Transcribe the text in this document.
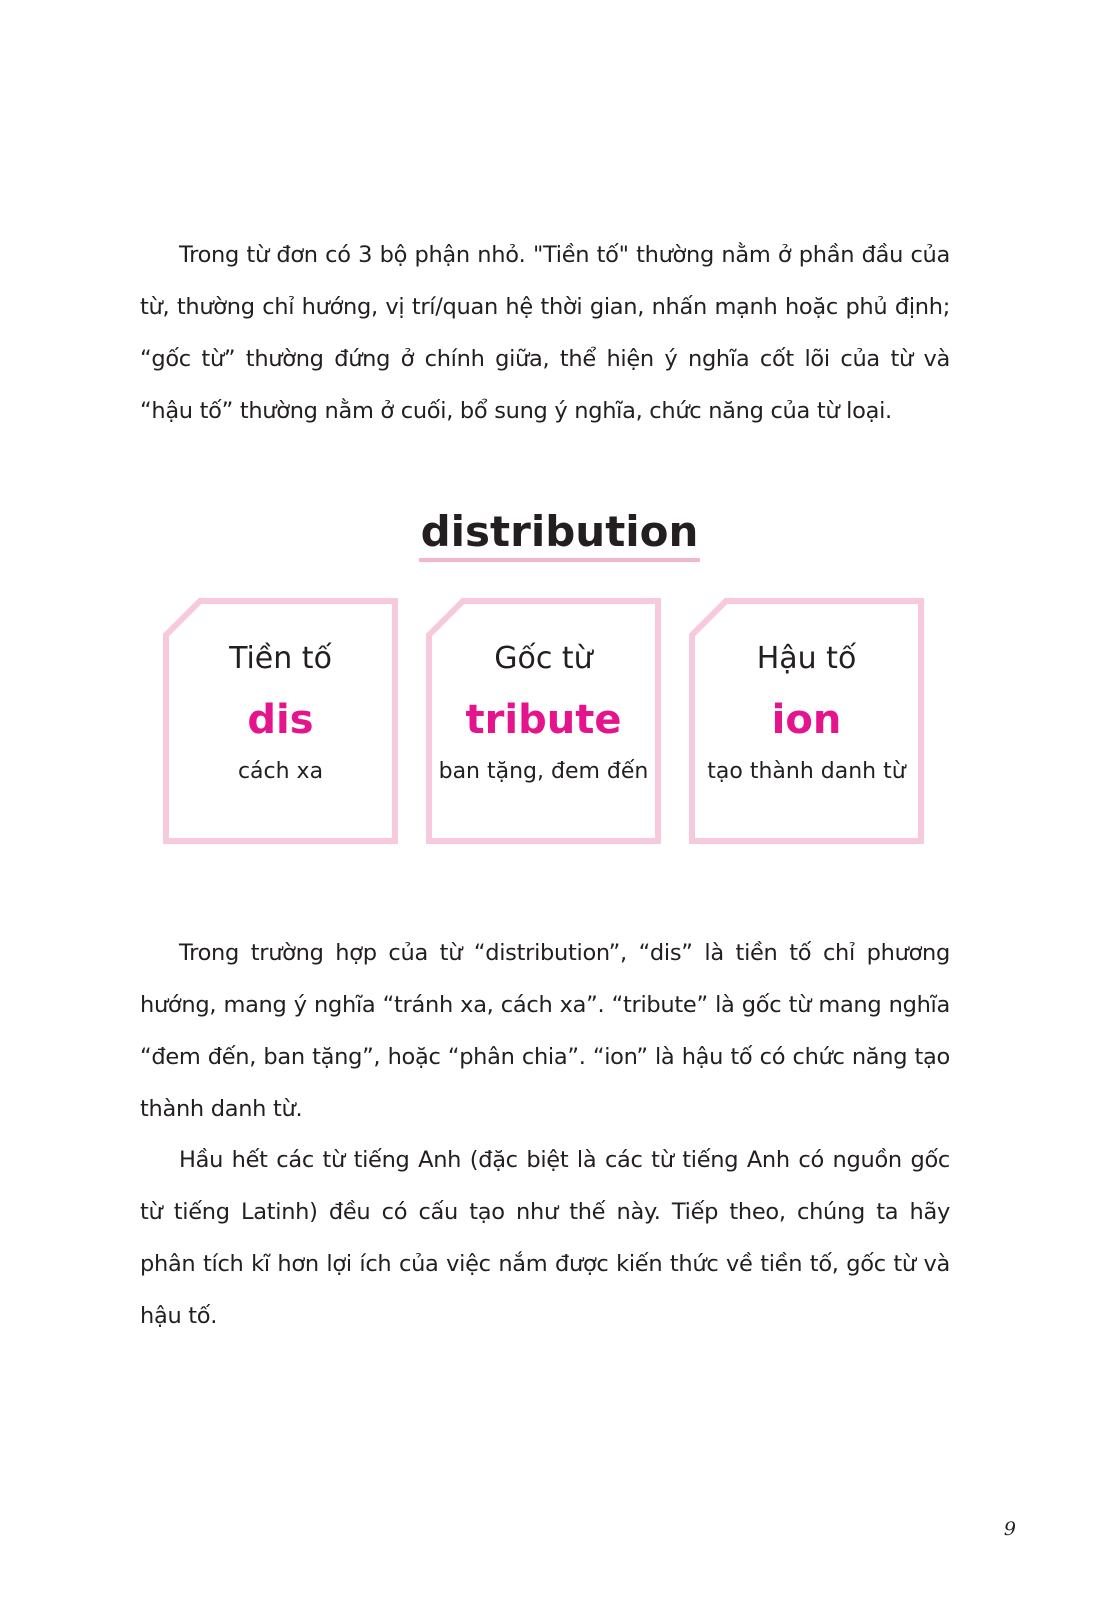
Trong từ đơn có 3 bộ phận nhỏ. "Tiền tố" thường nằm ở phần đầu của từ, thường chỉ hướng, vị trí/quan hệ thời gian, nhấn mạnh hoặc phủ định; “gốc từ” thường đứng ở chính giữa, thể hiện ý nghĩa cốt lõi của từ và “hậu tố” thường nằm ở cuối, bổ sung ý nghĩa, chức năng của từ loại.

distribution
Tiền tố
dis
cách xa
Gốc từ
tribute
ban tặng, đem đến
Hậu tố
ion
tạo thành danh từ

Trong trường hợp của từ “distribution”, “dis” là tiền tố chỉ phương hướng, mang ý nghĩa “tránh xa, cách xa”. “tribute” là gốc từ mang nghĩa “đem đến, ban tặng”, hoặc “phân chia”. “ion” là hậu tố có chức năng tạo thành danh từ.

Hầu hết các từ tiếng Anh (đặc biệt là các từ tiếng Anh có nguồn gốc từ tiếng Latinh) đều có cấu tạo như thế này. Tiếp theo, chúng ta hãy phân tích kĩ hơn lợi ích của việc nắm được kiến thức về tiền tố, gốc từ và hậu tố.

9
